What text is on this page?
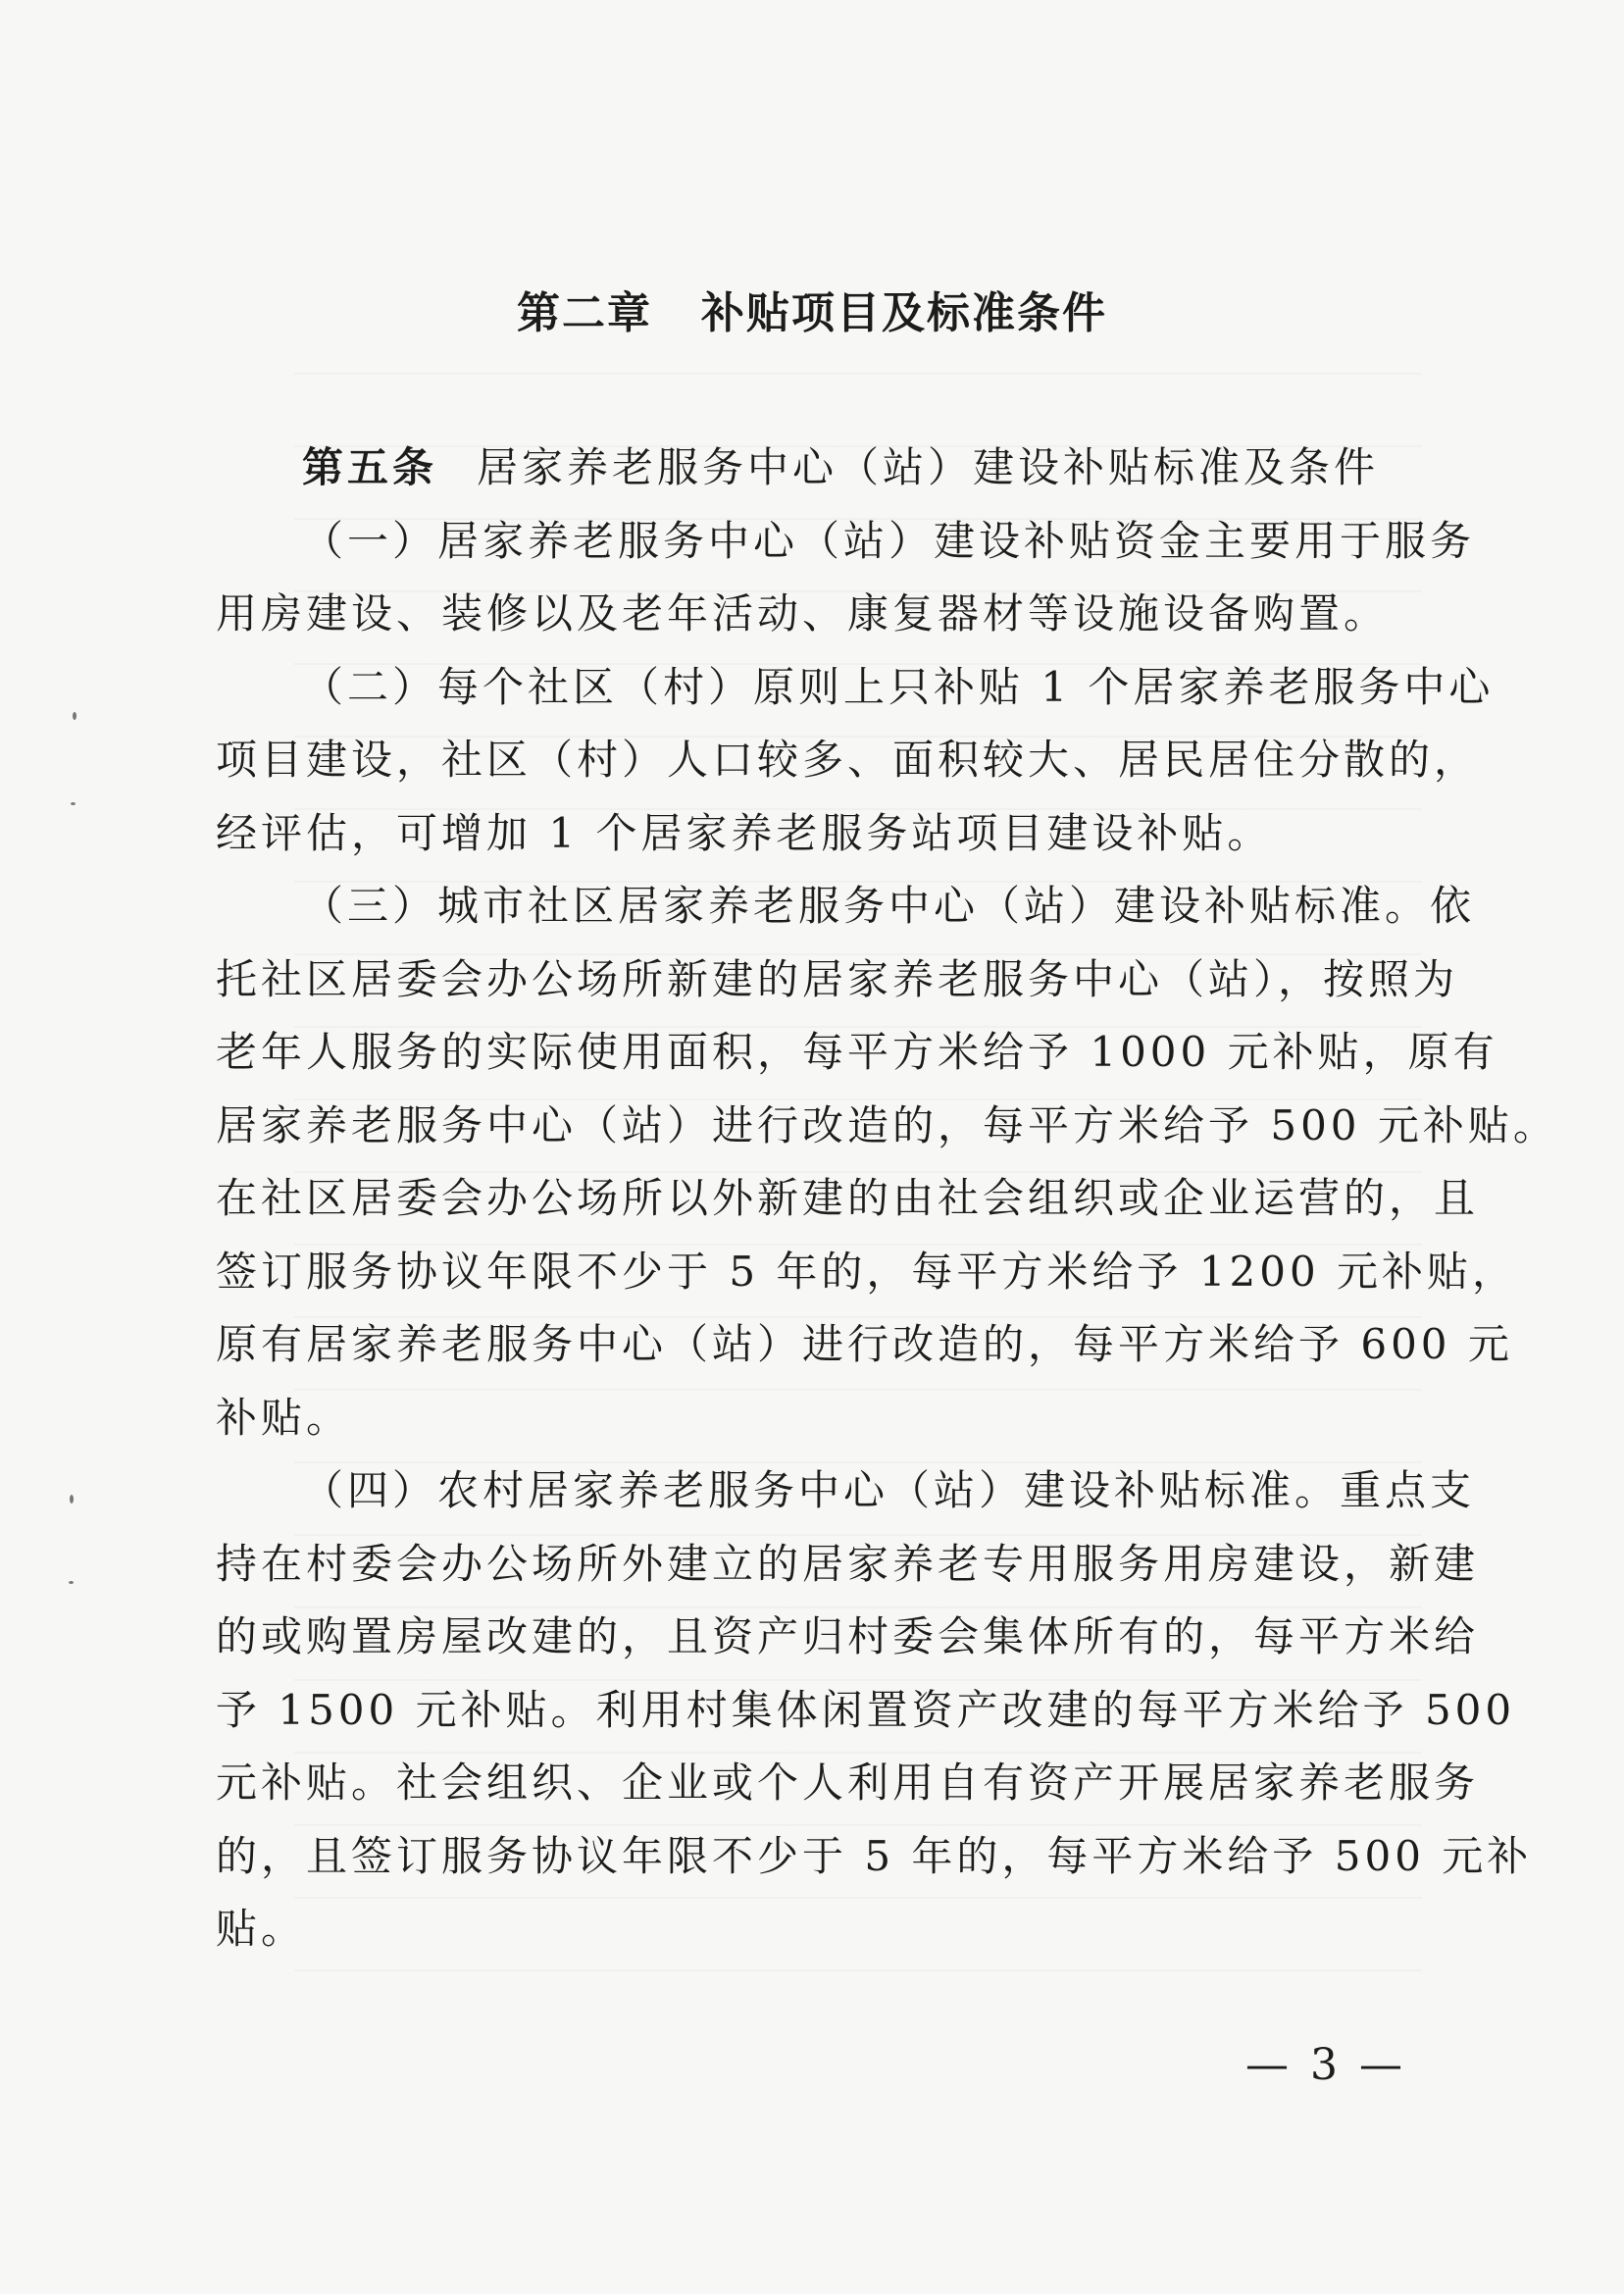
第二章 补贴项目及标准条件
第五条 居家养老服务中心（站）建设补贴标准及条件
（一）居家养老服务中心（站）建设补贴资金主要用于服务
用房建设、装修以及老年活动、康复器材等设施设备购置。
（二）每个社区（村）原则上只补贴 1 个居家养老服务中心
项目建设，社区（村）人口较多、面积较大、居民居住分散的，
经评估，可增加 1 个居家养老服务站项目建设补贴。
（三）城市社区居家养老服务中心（站）建设补贴标准。依
托社区居委会办公场所新建的居家养老服务中心（站），按照为
老年人服务的实际使用面积，每平方米给予 1000 元补贴，原有
居家养老服务中心（站）进行改造的，每平方米给予 500 元补贴。
在社区居委会办公场所以外新建的由社会组织或企业运营的，且
签订服务协议年限不少于 5 年的，每平方米给予 1200 元补贴，
原有居家养老服务中心（站）进行改造的，每平方米给予 600 元
补贴。
（四）农村居家养老服务中心（站）建设补贴标准。重点支
持在村委会办公场所外建立的居家养老专用服务用房建设，新建
的或购置房屋改建的，且资产归村委会集体所有的，每平方米给
予 1500 元补贴。利用村集体闲置资产改建的每平方米给予 500
元补贴。社会组织、企业或个人利用自有资产开展居家养老服务
的，且签订服务协议年限不少于 5 年的，每平方米给予 500 元补
贴。
— 3 —
